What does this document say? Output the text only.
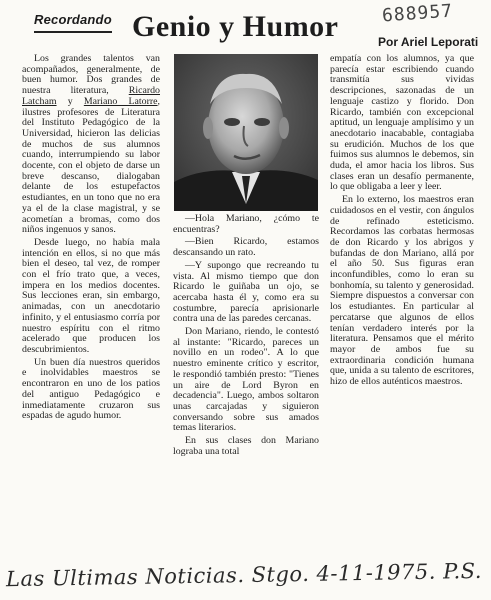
688957
Recordando Genio y Humor	Por Ariel Leporati

Los grandes talentos van acompañados, generalmente, de buen humor. Dos grandes de nuestra literatura, Ricardo Latcham y Mariano Latorre, ilustres profesores de Literatura del Instituto Pedagógico de la Universidad, hicieron las delicias de muchos de sus alumnos cuando, interrumpiendo su labor docente, con el objeto de darse un breve descanso, dialogaban delante de los estupefactos estudiantes, en un tono que no era ya el de la clase magistral, y se acometían a bromas, como dos niños ingenuos y sanos.

Desde luego, no había mala intención en ellos, si no que más bien el deseo, tal vez, de romper con el frío trato que, a veces, impera en los medios docentes. Sus lecciones eran, sin embargo, animadas, con un anecdotario infinito, y el entusiasmo corría por nuestro espíritu con el ritmo acelerado que producen los descubrimientos.

Un buen día nuestros queridos e inolvidables maestros se encontraron en uno de los patios del antiguo Pedagógico e inmediatamente cruzaron sus espadas de agudo humor.

—Hola Mariano, ¿cómo te encuentras?

—Bien Ricardo, estamos descansando un rato.

—Y supongo que recreando tu vista. Al mismo tiempo que don Ricardo le guiñaba un ojo, se acercaba hasta él y, como era su costumbre, parecía aprisionarle contra una de las paredes cercanas.

Don Mariano, riendo, le contestó al instante: "Ricardo, pareces un novillo en un rodeo". A lo que nuestro eminente crítico y escritor, le respondió también presto: "Tienes un aire de Lord Byron en decadencia". Luego, ambos soltaron unas carcajadas y siguieron conversando sobre sus amados temas literarios.

En sus clases don Mariano lograba una total

empatía con los alumnos, ya que parecía estar escribiendo cuando transmitía sus vividas descripciones, sazonadas de un lenguaje castizo y florido. Don Ricardo, también con excepcional aptitud, un lenguaje amplísimo y un anecdotario inacabable, contagiaba su erudición. Muchos de los que fuimos sus alumnos le debemos, sin duda, el amor hacia los libros. Sus clases eran un desafío permanente, lo que obligaba a leer y leer.

En lo externo, los maestros eran cuidadosos en el vestir, con ángulos de refinado esteticismo. Recordamos las corbatas hermosas de don Ricardo y los abrigos y bufandas de don Mariano, allá por el año 50. Sus figuras eran inconfundibles, como lo eran su bonhomía, su talento y generosidad. Siempre dispuestos a conversar con los estudiantes. En particular al percatarse que algunos de ellos tenían verdadero interés por la literatura. Pensamos que el mérito mayor de ambos fue su extraordinaria condición humana que, unida a su talento de escritores, hizo de ellos auténticos maestros.

Las Ultimas Noticias. Stgo. 4-11-1975. P.S.
